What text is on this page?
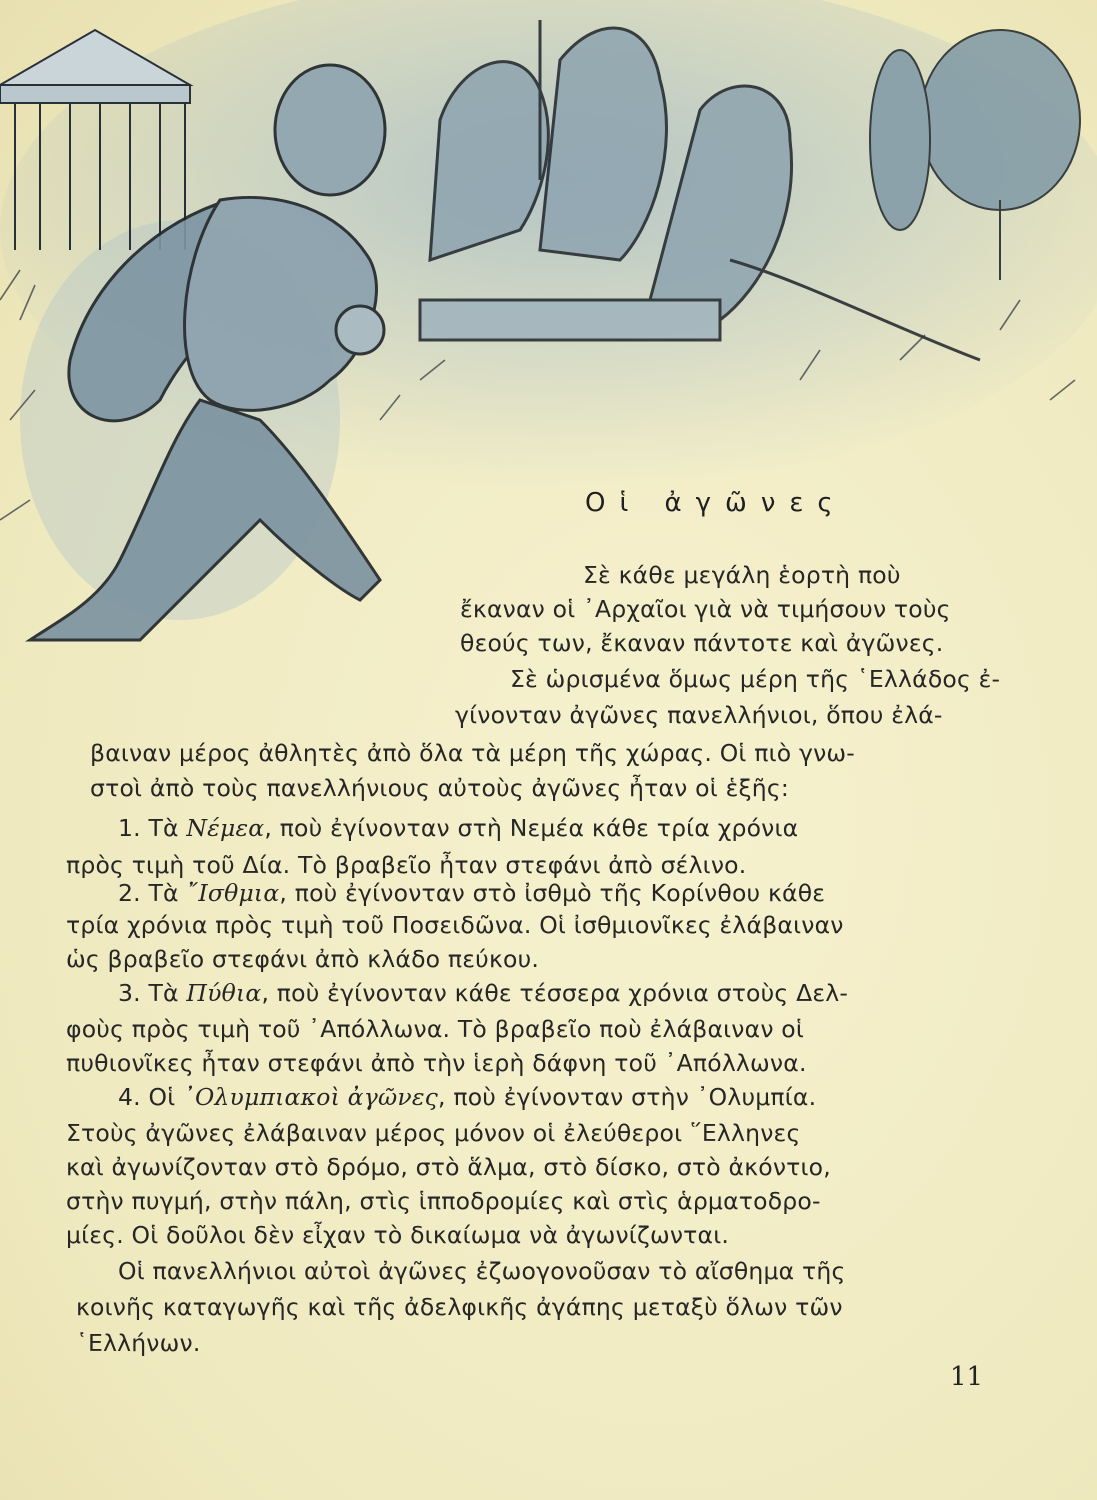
Οἱ ἀγῶνες
Σὲ κάθε μεγάλη ἑορτὴ ποὺ
ἔκαναν οἱ ᾿Αρχαῖοι γιὰ νὰ τιμήσουν τοὺς
θεούς των, ἔκαναν πάντοτε καὶ ἀγῶνες.
Σὲ ὡρισμένα ὅμως μέρη τῆς ῾Ελλάδος ἐ-
γίνονταν ἀγῶνες πανελλήνιοι, ὅπου ἐλά-
βαιναν μέρος ἀθλητὲς ἀπὸ ὅλα τὰ μέρη τῆς χώρας. Οἱ πιὸ γνω-
στοὶ ἀπὸ τοὺς πανελλήνιους αὐτοὺς ἀγῶνες ἦταν οἱ ἑξῆς:
1. Τὰ Νέμεα, ποὺ ἐγίνονταν στὴ Νεμέα κάθε τρία χρόνια
πρὸς τιμὴ τοῦ Δία. Τὸ βραβεῖο ἦταν στεφάνι ἀπὸ σέλινο.
2. Τὰ ῎Ισθμια, ποὺ ἐγίνονταν στὸ ἰσθμὸ τῆς Κορίνθου κάθε
τρία χρόνια πρὸς τιμὴ τοῦ Ποσειδῶνα. Οἱ ἰσθμιονῖκες ἐλάβαιναν
ὡς βραβεῖο στεφάνι ἀπὸ κλάδο πεύκου.
3. Τὰ Πύθια, ποὺ ἐγίνονταν κάθε τέσσερα χρόνια στοὺς Δελ-
φοὺς πρὸς τιμὴ τοῦ ᾿Απόλλωνα. Τὸ βραβεῖο ποὺ ἐλάβαιναν οἱ
πυθιονῖκες ἦταν στεφάνι ἀπὸ τὴν ἱερὴ δάφνη τοῦ ᾿Απόλλωνα.
4. Οἱ ᾿Ολυμπιακοὶ ἀγῶνες, ποὺ ἐγίνονταν στὴν ᾿Ολυμπία.
Στοὺς ἀγῶνες ἐλάβαιναν μέρος μόνον οἱ ἐλεύθεροι ῞Ελληνες
καὶ ἀγωνίζονταν στὸ δρόμο, στὸ ἅλμα, στὸ δίσκο, στὸ ἀκόντιο,
στὴν πυγμή, στὴν πάλη, στὶς ἱπποδρομίες καὶ στὶς ἁρματοδρο-
μίες. Οἱ δοῦλοι δὲν εἶχαν τὸ δικαίωμα νὰ ἀγωνίζωνται.
Οἱ πανελλήνιοι αὐτοὶ ἀγῶνες ἐζωογονοῦσαν τὸ αἴσθημα τῆς
κοινῆς καταγωγῆς καὶ τῆς ἀδελφικῆς ἀγάπης μεταξὺ ὅλων τῶν
῾Ελλήνων.
11
